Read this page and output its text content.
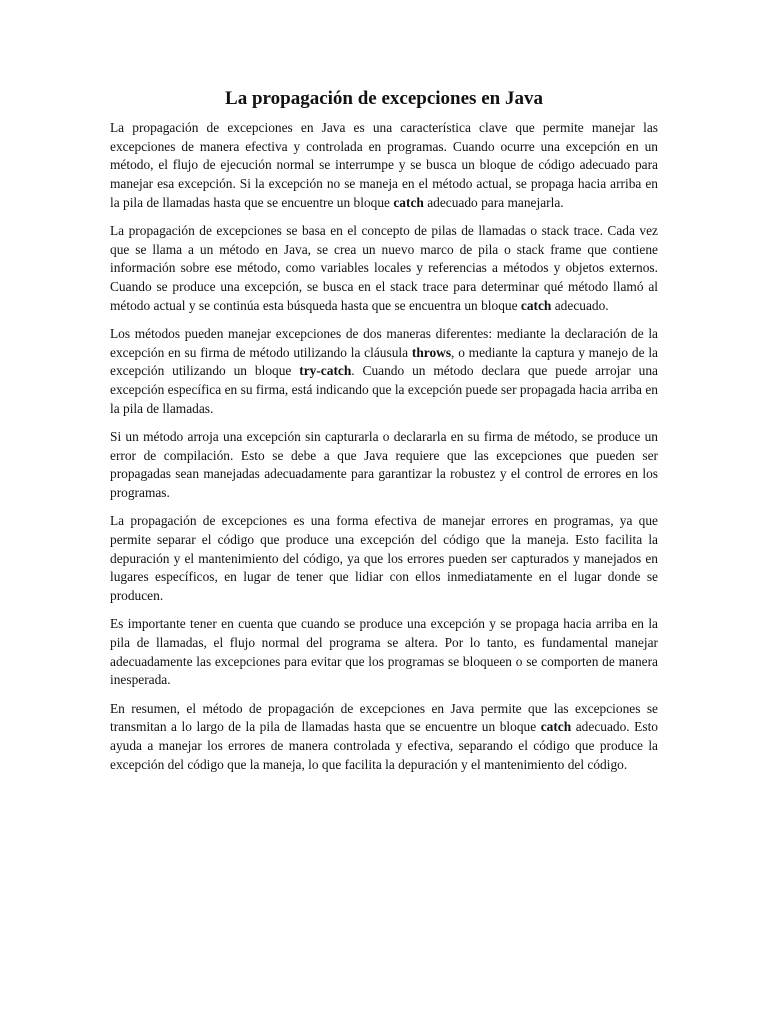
La propagación de excepciones en Java

La propagación de excepciones en Java es una característica clave que permite manejar las excepciones de manera efectiva y controlada en programas. Cuando ocurre una excepción en un método, el flujo de ejecución normal se interrumpe y se busca un bloque de código adecuado para manejar esa excepción. Si la excepción no se maneja en el método actual, se propaga hacia arriba en la pila de llamadas hasta que se encuentre un bloque catch adecuado para manejarla.

La propagación de excepciones se basa en el concepto de pilas de llamadas o stack trace. Cada vez que se llama a un método en Java, se crea un nuevo marco de pila o stack frame que contiene información sobre ese método, como variables locales y referencias a métodos y objetos externos. Cuando se produce una excepción, se busca en el stack trace para determinar qué método llamó al método actual y se continúa esta búsqueda hasta que se encuentra un bloque catch adecuado.

Los métodos pueden manejar excepciones de dos maneras diferentes: mediante la declaración de la excepción en su firma de método utilizando la cláusula throws, o mediante la captura y manejo de la excepción utilizando un bloque try-catch. Cuando un método declara que puede arrojar una excepción específica en su firma, está indicando que la excepción puede ser propagada hacia arriba en la pila de llamadas.

Si un método arroja una excepción sin capturarla o declararla en su firma de método, se produce un error de compilación. Esto se debe a que Java requiere que las excepciones que pueden ser propagadas sean manejadas adecuadamente para garantizar la robustez y el control de errores en los programas.

La propagación de excepciones es una forma efectiva de manejar errores en programas, ya que permite separar el código que produce una excepción del código que la maneja. Esto facilita la depuración y el mantenimiento del código, ya que los errores pueden ser capturados y manejados en lugares específicos, en lugar de tener que lidiar con ellos inmediatamente en el lugar donde se producen.

Es importante tener en cuenta que cuando se produce una excepción y se propaga hacia arriba en la pila de llamadas, el flujo normal del programa se altera. Por lo tanto, es fundamental manejar adecuadamente las excepciones para evitar que los programas se bloqueen o se comporten de manera inesperada.

En resumen, el método de propagación de excepciones en Java permite que las excepciones se transmitan a lo largo de la pila de llamadas hasta que se encuentre un bloque catch adecuado. Esto ayuda a manejar los errores de manera controlada y efectiva, separando el código que produce la excepción del código que la maneja, lo que facilita la depuración y el mantenimiento del código.
